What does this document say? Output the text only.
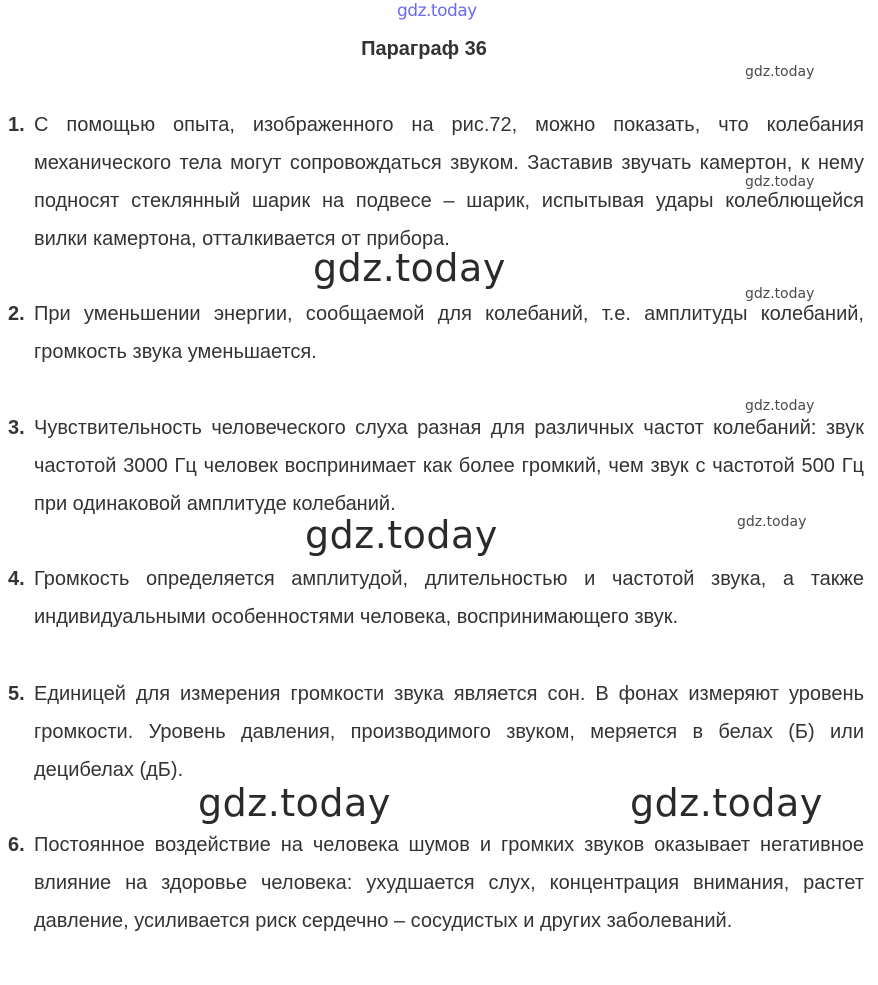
gdz.today
gdz.today
gdz.today
gdz.today
gdz.today
gdz.today
gdz.today
gdz.today
gdz.today	gdz.today
Параграф 36
1. С помощью опыта, изображенного на рис.72, можно показать, что колебания механического тела могут сопровождаться звуком. Заставив звучать камертон, к нему подносят стеклянный шарик на подвесе – шарик, испытывая удары колеблющейся вилки камертона, отталкивается от прибора.
2. При уменьшении энергии, сообщаемой для колебаний, т.е. амплитуды колебаний, громкость звука уменьшается.
3. Чувствительность человеческого слуха разная для различных частот колебаний: звук частотой 3000 Гц человек воспринимает как более громкий, чем звук с частотой 500 Гц при одинаковой амплитуде колебаний.
4. Громкость определяется амплитудой, длительностью и частотой звука, а также индивидуальными особенностями человека, воспринимающего звук.
5. Единицей для измерения громкости звука является сон. В фонах измеряют уровень громкости. Уровень давления, производимого звуком, меряется в белах (Б) или децибелах (дБ).
6. Постоянное воздействие на человека шумов и громких звуков оказывает негативное влияние на здоровье человека: ухудшается слух, концентрация внимания, растет давление, усиливается риск сердечно – сосудистых и других заболеваний.
